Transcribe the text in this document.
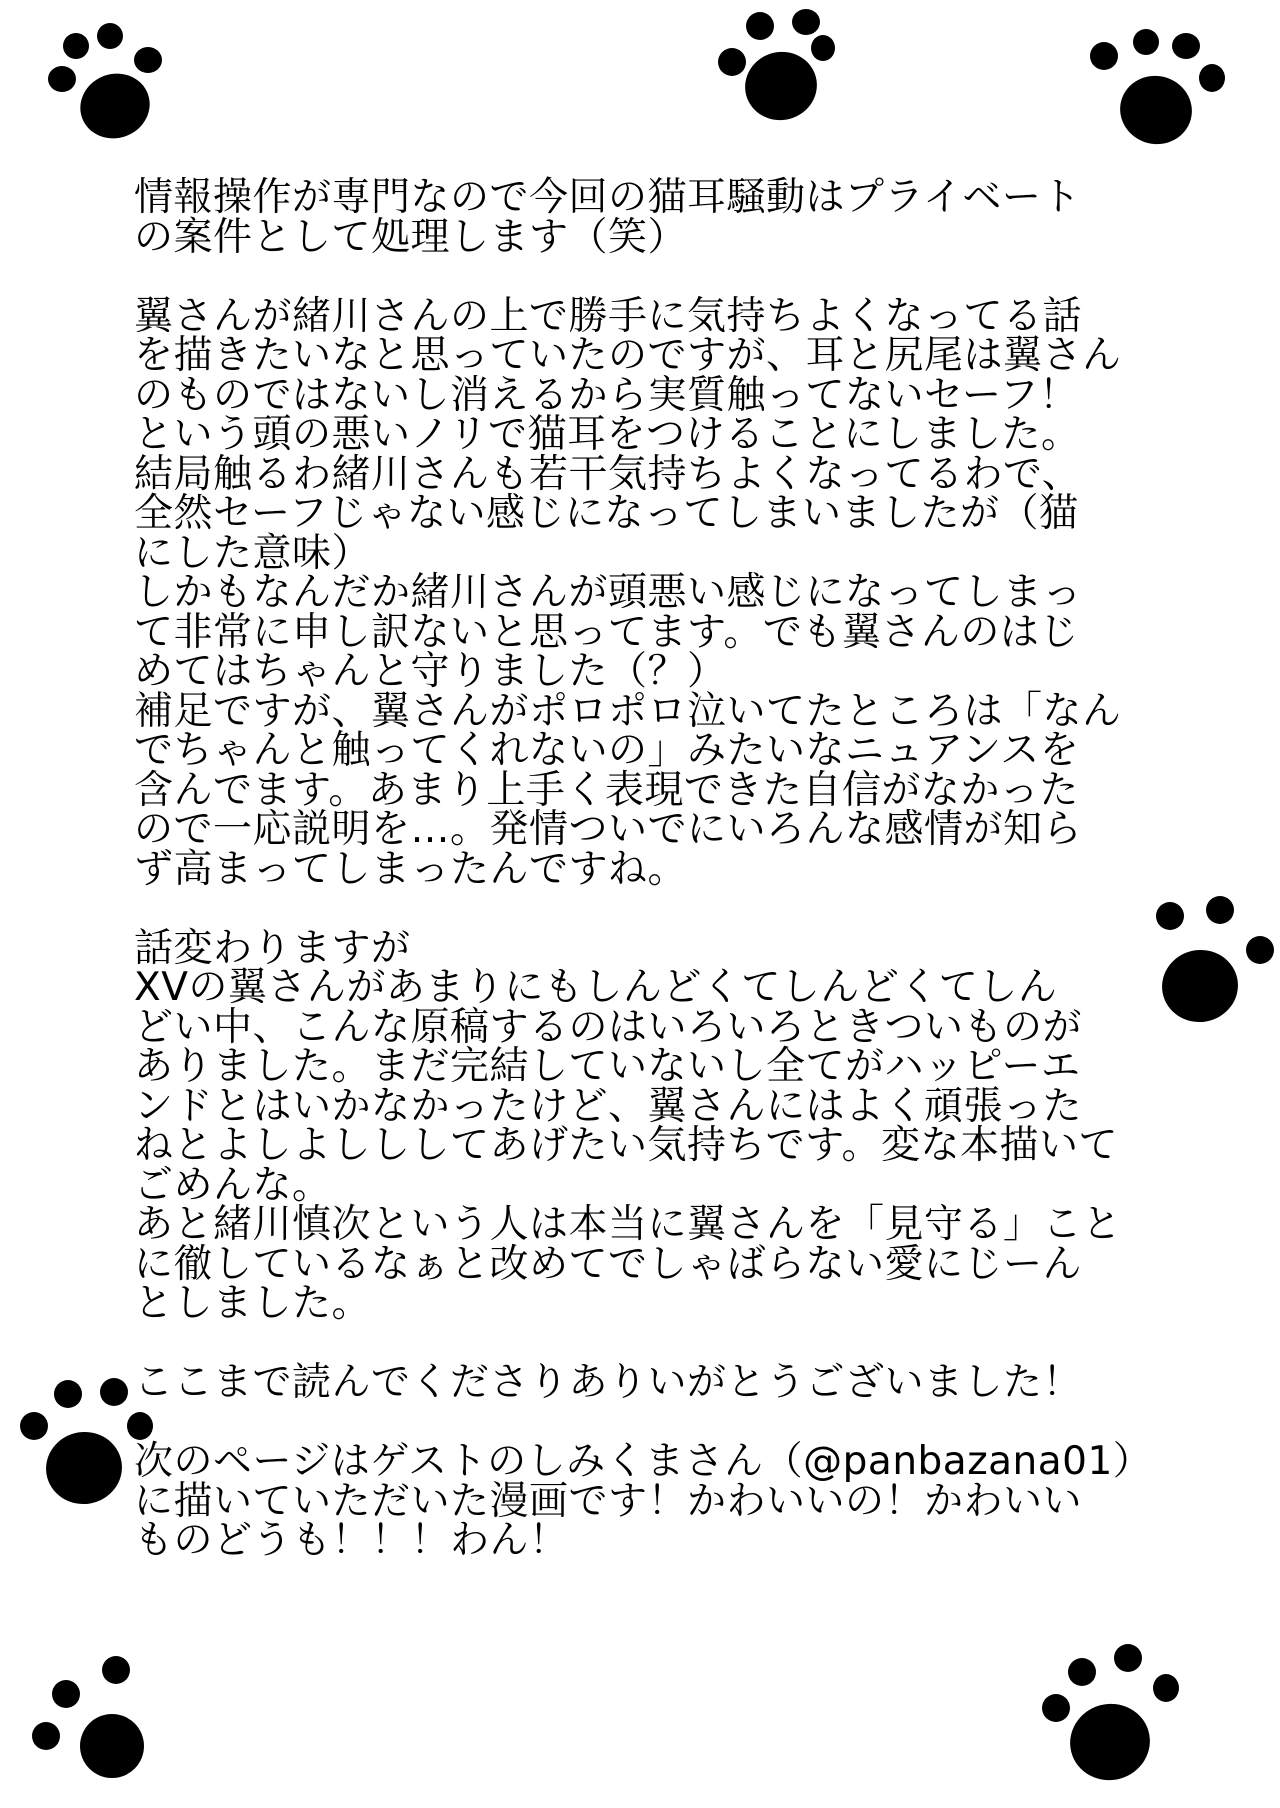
情報操作が専門なので今回の猫耳騒動はプライベート
の案件として処理します（笑）
翼さんが緒川さんの上で勝手に気持ちよくなってる話
を描きたいなと思っていたのですが、耳と尻尾は翼さん
のものではないし消えるから実質触ってないセーフ！
という頭の悪いノリで猫耳をつけることにしました。
結局触るわ緒川さんも若干気持ちよくなってるわで、
全然セーフじゃない感じになってしまいましたが（猫
にした意味）
しかもなんだか緒川さんが頭悪い感じになってしまっ
て非常に申し訳ないと思ってます。でも翼さんのはじ
めてはちゃんと守りました（？）
補足ですが、翼さんがポロポロ泣いてたところは「なん
でちゃんと触ってくれないの」みたいなニュアンスを
含んでます。あまり上手く表現できた自信がなかった
ので一応説明を…。発情ついでにいろんな感情が知ら
ず高まってしまったんですね。
話変わりますが
XVの翼さんがあまりにもしんどくてしんどくてしん
どい中、こんな原稿するのはいろいろときついものが
ありました。まだ完結していないし全てがハッピーエ
ンドとはいかなかったけど、翼さんにはよく頑張った
ねとよしよしししてあげたい気持ちです。変な本描いて
ごめんな。
あと緒川慎次という人は本当に翼さんを「見守る」こと
に徹しているなぁと改めてでしゃばらない愛にじーん
としました。
ここまで読んでくださりありいがとうございました！
次のページはゲストのしみくまさん（@panbazana01）
に描いていただいた漫画です！かわいいの！かわいい
ものどうも！！！わん！
